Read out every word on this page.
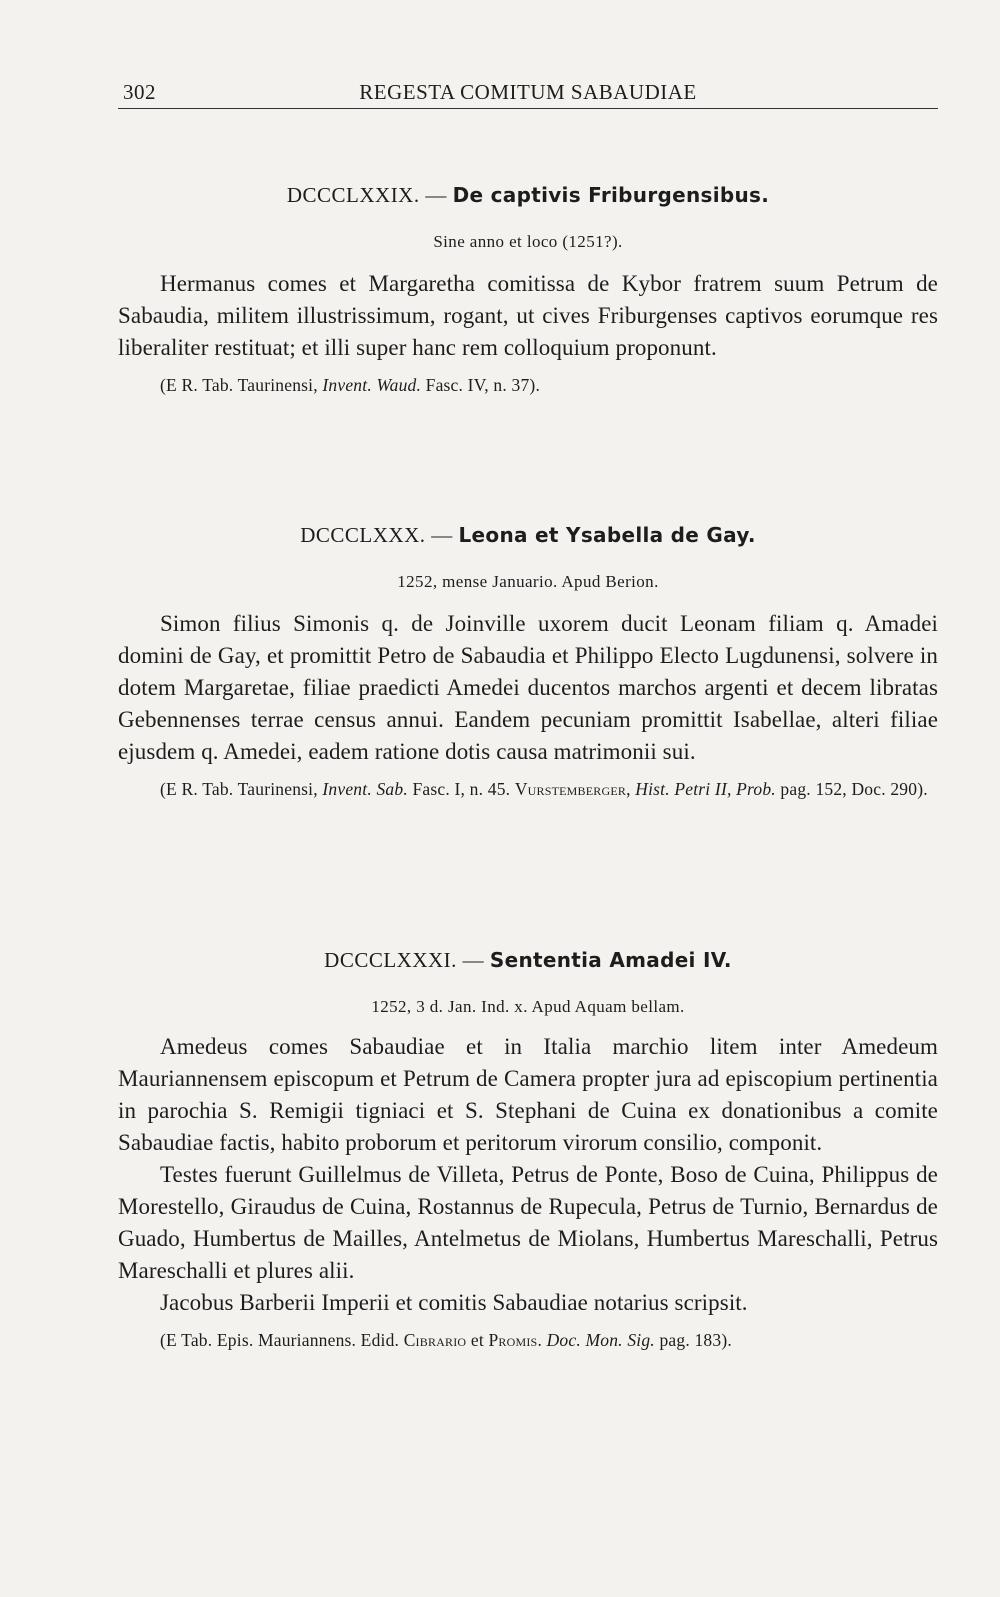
302	REGESTA COMITUM SABAUDIAE
DCCCLXXIX. — De captivis Friburgensibus.
Sine anno et loco (1251?).

Hermanus comes et Margaretha comitissa de Kybor fratrem suum Petrum de Sabaudia, militem illustrissimum, rogant, ut cives Friburgenses captivos eorumque res liberaliter restituat; et illi super hanc rem colloquium proponunt.

(E R. Tab. Taurinensi, Invent. Waud. Fasc. IV, n. 37).

DCCCLXXX. — Leona et Ysabella de Gay.
1252, mense Januario. Apud Berion.

Simon filius Simonis q. de Joinville uxorem ducit Leonam filiam q. Amadei domini de Gay, et promittit Petro de Sabaudia et Philippo Electo Lugdunensi, solvere in dotem Margaretae, filiae praedicti Amedei ducentos marchos argenti et decem libratas Gebennenses terrae census annui. Eandem pecuniam promittit Isabellae, alteri filiae ejusdem q. Amedei, eadem ratione dotis causa matrimonii sui.

(E R. Tab. Taurinensi, Invent. Sab. Fasc. I, n. 45. Vurstemberger, Hist. Petri II, Prob. pag. 152, Doc. 290).

DCCCLXXXI. — Sententia Amadei IV.
1252, 3 d. Jan. Ind. x. Apud Aquam bellam.

Amedeus comes Sabaudiae et in Italia marchio litem inter Amedeum Mauriannensem episcopum et Petrum de Camera propter jura ad episcopium pertinentia in parochia S. Remigii tigniaci et S. Stephani de Cuina ex donationibus a comite Sabaudiae factis, habito proborum et peritorum virorum consilio, componit.

Testes fuerunt Guillelmus de Villeta, Petrus de Ponte, Boso de Cuina, Philippus de Morestello, Giraudus de Cuina, Rostannus de Rupecula, Petrus de Turnio, Bernardus de Guado, Humbertus de Mailles, Antelmetus de Miolans, Humbertus Mareschalli, Petrus Mareschalli et plures alii.

Jacobus Barberii Imperii et comitis Sabaudiae notarius scripsit.

(E Tab. Epis. Mauriannens. Edid. Cibrario et Promis. Doc. Mon. Sig. pag. 183).
